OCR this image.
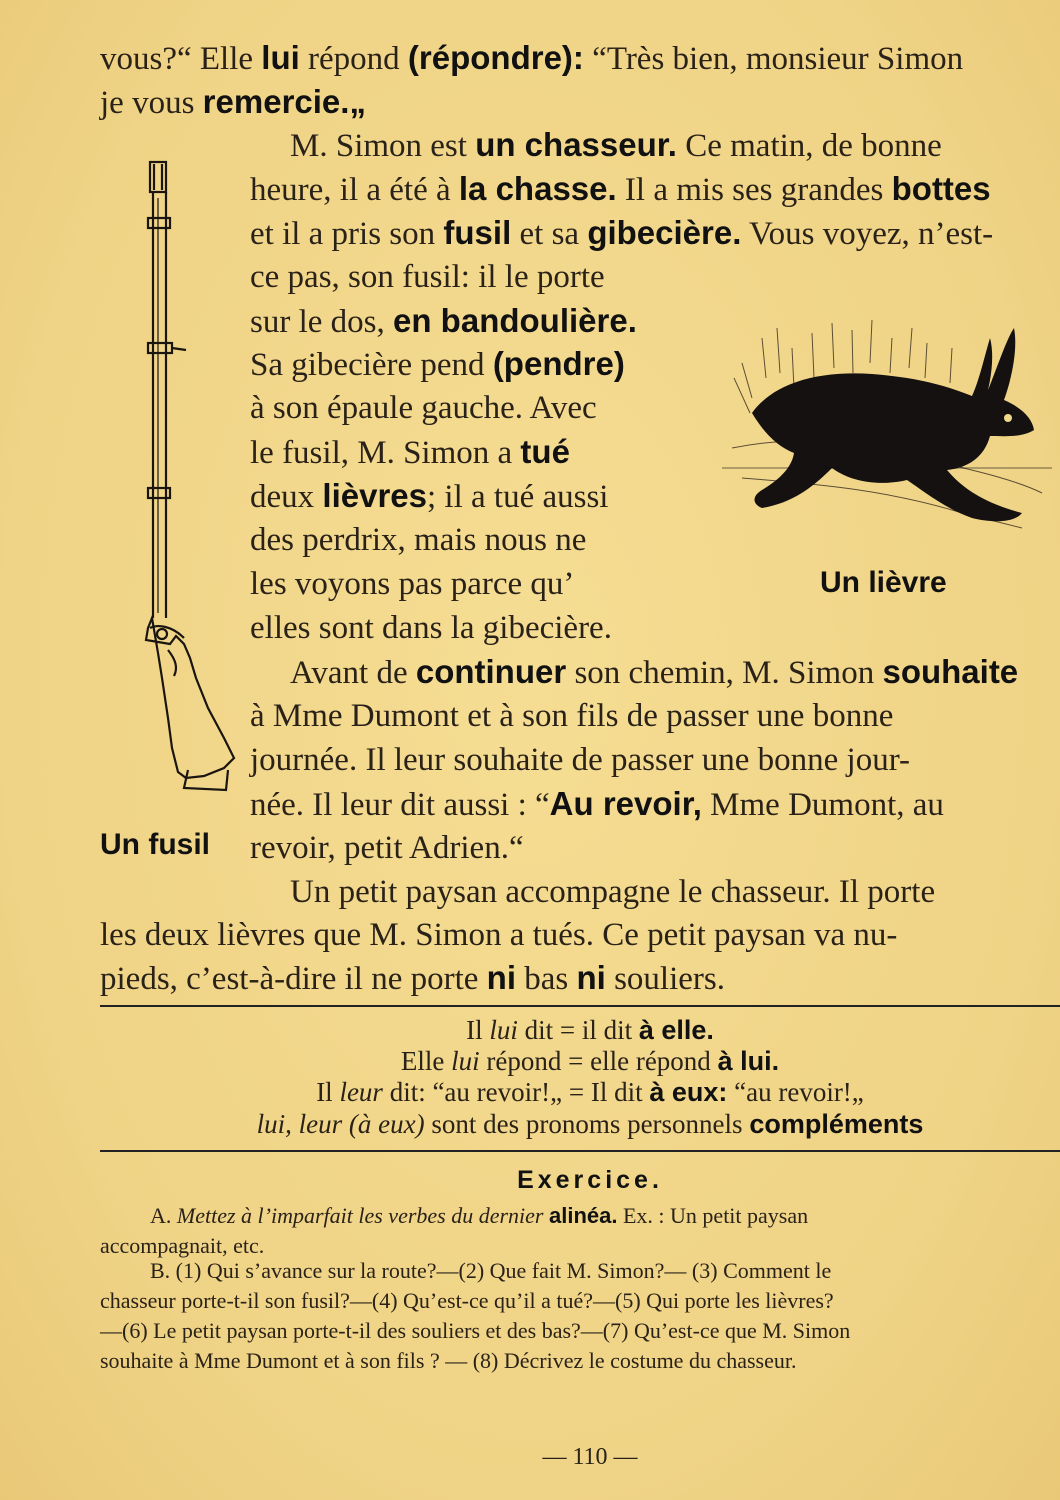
vous?“ Elle lui répond (répondre): “Très bien, monsieur Simon
je vous remercie.„
M. Simon est un chasseur. Ce matin, de bonne
heure, il a été à la chasse. Il a mis ses grandes bottes
et il a pris son fusil et sa gibecière. Vous voyez, n’est-
ce pas, son fusil: il le porte
sur le dos, en bandoulière.
Sa gibecière pend (pendre)
à son épaule gauche. Avec
le fusil, M. Simon a tué
deux lièvres; il a tué aussi
des perdrix, mais nous ne
les voyons pas parce qu’
elles sont dans la gibecière.
Avant de continuer son chemin, M. Simon souhaite
à Mme Dumont et à son fils de passer une bonne
journée. Il leur souhaite de passer une bonne jour-
née. Il leur dit aussi : “Au revoir, Mme Dumont, au
revoir, petit Adrien.“
Un petit paysan accompagne le chasseur. Il porte
les deux lièvres que M. Simon a tués. Ce petit paysan va nu-
pieds, c’est-à-dire il ne porte ni bas ni souliers.
Un fusil
Un lièvre
Il lui dit = il dit à elle.
Elle lui répond = elle répond à lui.
Il leur dit: “au revoir!„ = Il dit à eux: “au revoir!„
lui, leur (à eux) sont des pronoms personnels compléments
Exercice.
A. Mettez à l’imparfait les verbes du dernier alinéa. Ex. : Un petit paysan
accompagnait, etc.
B. (1) Qui s’avance sur la route?—(2) Que fait M. Simon?— (3) Comment le
chasseur porte-t-il son fusil?—(4) Qu’est-ce qu’il a tué?—(5) Qui porte les lièvres?
—(6) Le petit paysan porte-t-il des souliers et des bas?—(7) Qu’est-ce que M. Simon
souhaite à Mme Dumont et à son fils ? — (8) Décrivez le costume du chasseur.
— 110 —
